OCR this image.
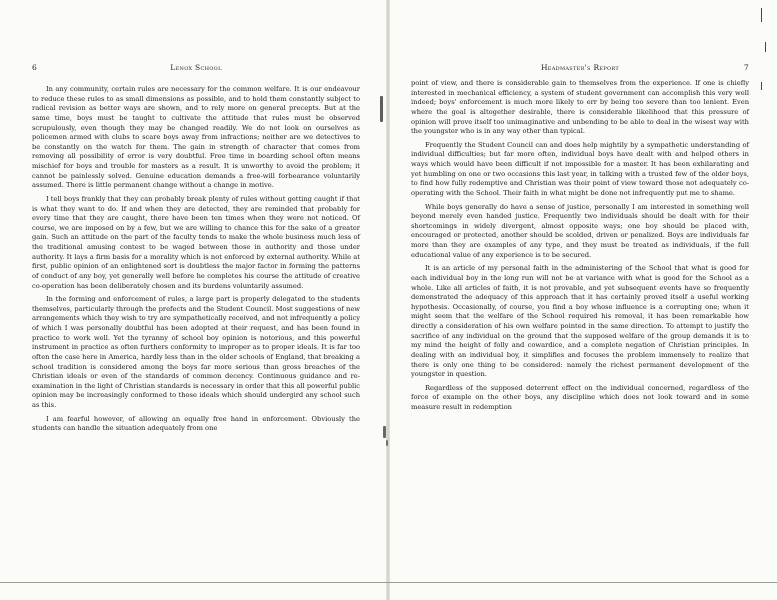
6	Lenox School

In any community, certain rules are necessary for the common welfare. It is our endeavour to reduce these rules to as small dimensions as possible, and to hold them constantly subject to radical revision as better ways are shown, and to rely more on general precepts. But at the same time, boys must be taught to cultivate the attitude that rules must be observed scrupulously, even though they may be changed readily. We do not look on ourselves as policemen armed with clubs to scare boys away from infractions; neither are we detectives to be constantly on the watch for them. The gain in strength of character that comes from removing all possibility of error is very doubtful. Free time in boarding school often means mischief for boys and trouble for masters as a result. It is unworthy to avoid the problem; it cannot be painlessly solved. Genuine education demands a free-will forbearance voluntarily assumed. There is little permanent change without a change in motive.

I tell boys frankly that they can probably break plenty of rules without getting caught if that is what they want to do. If and when they are detected, they are reminded that probably for every time that they are caught, there have been ten times when they were not noticed. Of course, we are imposed on by a few, but we are willing to chance this for the sake of a greater gain. Such an attitude on the part of the faculty tends to make the whole business much less of the traditional amusing contest to be waged between those in authority and those under authority. It lays a firm basis for a morality which is not enforced by external authority. While at first, public opinion of an enlightened sort is doubtless the major factor in forming the patterns of conduct of any boy, yet generally well before he completes his course the attitude of creative co-operation has been deliberately chosen and its burdens voluntarily assumed.

In the forming and enforcement of rules, a large part is properly delegated to the students themselves, particularly through the prefects and the Student Council. Most suggestions of new arrangements which they wish to try are sympathetically received, and not infrequently a policy of which I was personally doubtful has been adopted at their request, and has been found in practice to work well. Yet the tyranny of school boy opinion is notorious, and this powerful instrument in practice as often furthers conformity to improper as to proper ideals. It is far too often the case here in America, hardly less than in the older schools of England, that breaking a school tradition is considered among the boys far more serious than gross breaches of the Christian ideals or even of the standards of common decency. Continuous guidance and re-examination in the light of Christian standards is necessary in order that this all powerful public opinion may be increasingly conformed to those ideals which should undergird any school such as this.

I am fearful however, of allowing an equally free hand in enforcement. Obviously the students can handle the situation adequately from one

Headmaster's Report	7

point of view, and there is considerable gain to themselves from the experience. If one is chiefly interested in mechanical efficiency, a system of student government can accomplish this very well indeed; boys' enforcement is much more likely to err by being too severe than too lenient. Even where the goal is altogether desirable, there is considerable likelihood that this pressure of opinion will prove itself too unimaginative and unbending to be able to deal in the wisest way with the youngster who is in any way other than typical.

Frequently the Student Council can and does help mightily by a sympathetic understanding of individual difficulties; but far more often, individual boys have dealt with and helped others in ways which would have been difficult if not impossible for a master. It has been exhilarating and yet humbling on one or two occasions this last year, in talking with a trusted few of the older boys, to find how fully redemptive and Christian was their point of view toward those not adequately co-operating with the School. Their faith in what might be done not infrequently put me to shame.

While boys generally do have a sense of justice, personally I am interested in something well beyond merely even handed justice. Frequently two individuals should be dealt with for their shortcomings in widely divergent, almost opposite ways; one boy should be placed with, encouraged or protected, another should be scolded, driven or penalized. Boys are individuals far more than they are examples of any type, and they must be treated as individuals, if the full educational value of any experience is to be secured.

It is an article of my personal faith in the administering of the School that what is good for each individual boy in the long run will not be at variance with what is good for the School as a whole. Like all articles of faith, it is not provable, and yet subsequent events have so frequently demonstrated the adequacy of this approach that it has certainly proved itself a useful working hypothesis. Occasionally, of course, you find a boy whose influence is a corrupting one; when it might seem that the welfare of the School required his removal, it has been remarkable how directly a consideration of his own welfare pointed in the same direction. To attempt to justify the sacrifice of any individual on the ground that the supposed welfare of the group demands it is to my mind the height of folly and cowardice, and a complete negation of Christian principles. In dealing with an individual boy, it simplifies and focuses the problem immensely to realize that there is only one thing to be considered: namely the richest permanent development of the youngster in question.

Regardless of the supposed deterrent effect on the individual concerned, regardless of the force of example on the other boys, any discipline which does not look toward and in some measure result in redemption
